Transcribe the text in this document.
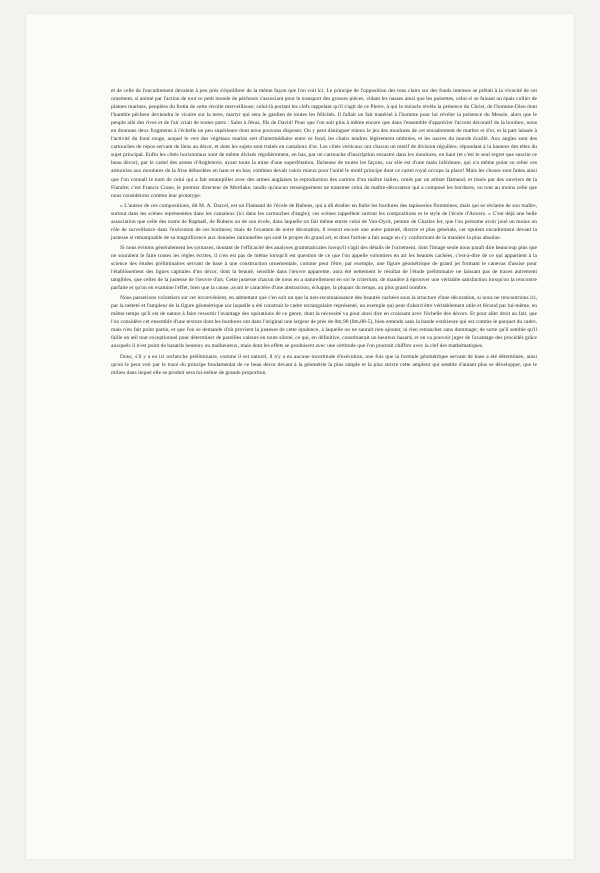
et de celle de l'encadrement devaient à peu près s'équilibrer de la même façon que l'on voit ici. Le principe de l'opposition des tons clairs sur des fonds intenses se prêtait à la vivacité de cet ornement, si animé par l'action de tout ce petit monde de pêcheurs s'associant pour le transport des grosses pièces, vidant les nasses ainsi que les puisettes, celui-ci se faisant un épais collier de plantes marines, peuplées du fretin de cette récolte merveilleuse; celui-là portant les clefs rappelant qu'il s'agit de ce Pierre, à qui le miracle révèle la présence du Christ, de l'homme-Dieu dont l'humble pêcheur deviendra le vicaire sur la terre, martyr qui sera le gardien de toutes les félicités. Il fallait un fait matériel à l'homme pour lui révéler la présence du Messie, alors que le peuple ailé des rives et de l'air criait de toutes parts : Salut à Jésus, fils de David! Pour que l'on soit plus à même encore que dans l'ensemble d'apprécier l'accent décoratif de la bordure, nous en donnons deux fragments à l'échelle un peu supérieure dont nous pouvons disposer. On y peut distinguer mieux le jeu des moulures de cet encadrement de marbre et d'or, et la part laissée à l'activité du fond rouge, auquel le vert des végétaux marins sert d'intermédiaire entre ce fond, les chairs tendres légèrement ombrées, et les nacres du monde écaillé. Aux angles sont des cartouches de repos servant de liens au décor, et dont les sujets sont traités en camaïeux d'or. Les côtés verticaux ont chacun un motif de division régulière, répondant à la hauteur des têtes du sujet principal. Enfin les côtés horizontaux sont de même divisés régulièrement, en bas, par un cartouche d'inscription encastré dans les moulures, en haut (et c'est le seul regret que suscite ce beau décor), par le cartel des armes d'Angleterre, ayant toute la mine d'une superfétation, fâcheuse de toutes les façons, car elle est d'une main inférieure, qui n'a même point su relier ces armoiries aux moulures de la frise débordées en haut et en bas; combien devait valoir mieux pour l'unité le motif principe dont ce cartel royal occupe la place! Mais les choses sont faites ainsi que l'on connaît le nom de celui qui a fait estampiller avec des armes anglaises la reproduction des cartons d'un maître italien, ornés par un artiste flamand, et tissés par des ouvriers de la Flandre; c'est Francis Crane, le premier directeur de Mortlake, tandis qu'aucun renseignement ne transmet celui du maître-décorateur qui a composé les bordures, ou tout au moins celle que nous considérons comme leur prototype.

« L'auteur de ces compositions, dit M. A. Darcel, est un Flamand de l'école de Rubens, qui a dû étudier en Italie les bordures des tapisseries florentines, mais qui se réclame de son maître, surtout dans les scènes représentées dans les camaïeux (ici dans les cartouches d'angle); ces scènes rappellent surtout les compositions et le style de l'école d'Anvers. » C'est déjà une belle association que celle des noms de Raphaël, de Rubens ou de son école, dans laquelle on fait même entrer celui de Van-Dyck, peintre de Charles Ier, que l'on présume avoir joué un moins un rôle de surveillance dans l'exécution de ces bordures; mais de l'examen de notre décoration, il ressort encore une autre parenté, directe et plus générale, cet opulent encadrement devant la justesse si remarquable de sa magnificence aux données rationnelles qui sont le propre du grand art, et dont l'artiste a fait usage en s'y conformant de la manière la plus absolue.

Si nous évitons généralement les syntaxes, doutant de l'efficacité des analyses grammaticales lorsqu'il s'agit des détails de l'ornement, dont l'image seule nous paraît dire beaucoup plus que ne souraient le faire toutes les règles écrites, il n'en est pas de même lorsqu'il est question de ce que l'on appelle volontiers en art les beautés cachées, c'est-à-dire de ce qui appartient à la science des études préliminaires servant de base à une construction ornementale, comme peut l'être, par exemple, une figure géométrique de grand jet formant le canevas d'assise pour l'établissement des lignes capitales d'un décor, dont la beauté, sensible dans l'œuvre apparente, aura été nettement le résultat de l'étude préliminaire ne laissant pas de traces autrement tangibles, que celles de la justesse de l'œuvre d'art. Cette justesse chacun de nous en a naturellement en soi le criterium, de manière à éprouver une véritable satisfaction lorsqu'on la rencontre parfaite et qu'on en examine l'effet, bien que la cause, ayant le caractère d'une abstraction, échappe, la plupart du temps, au plus grand nombre.

Nous passerions volontiers sur cet inconvénient, en admettant que c'en soit un que la non-reconnaissance des beautés cachées sous la structure d'une décoration, si nous ne rencontrions ici, par la netteté et l'ampleur de la figure géométrique sur laquelle a été construit le cadre rectangulaire représenté, un exemple qui peut d'abord être véritablement utile et fécond par lui-même, en même temps qu'il est de nature à faire ressortir l'avantage des opérations de ce genre, dont la nécessité va pour ainsi dire en croissant avec l'échelle des décors. Et pour aller droit au fait, que l'on considère cet ensemble d'une texture dont les bordures ont dans l'original une largeur de près de 0m,90 (0m,88-5), bien entendu sans la bande extérieure qui est comme le parquet du cadre, mais n'en fait point partie, et que l'on se demande d'où provient la justesse de cette opulence, à laquelle on ne saurait rien ajouter, ni rien retrancher sans dommage; de sorte qu'il semble qu'il faille un œil tout exceptionnel pour déterminer de pareilles valeurs en toute sûreté, ce qui, en définitive, constituerait un heureux hasard, et on va pouvoir juger de l'avantage des procédés grâce auxquels il n'est point de hasards heureux ou malheureux, mais dont les effets se produisent avec une certitude que l'on pourrait chiffrer avec la clef des mathématiques.

Donc, s'il y a eu ici recherche préliminaire, comme il est naturel, il n'y a eu aucune incertitude d'exécution, une fois que la formule géométrique servant de base a été déterminée, ainsi qu'on le peut voir par le tracé du principe fondamental de ce beau décor devant à la géométrie la plus simple et la plus stricte cette ampleur qui semble d'autant plus se développer, que le milieu dans lequel elle se produit sera lui-même de grande proportion.
